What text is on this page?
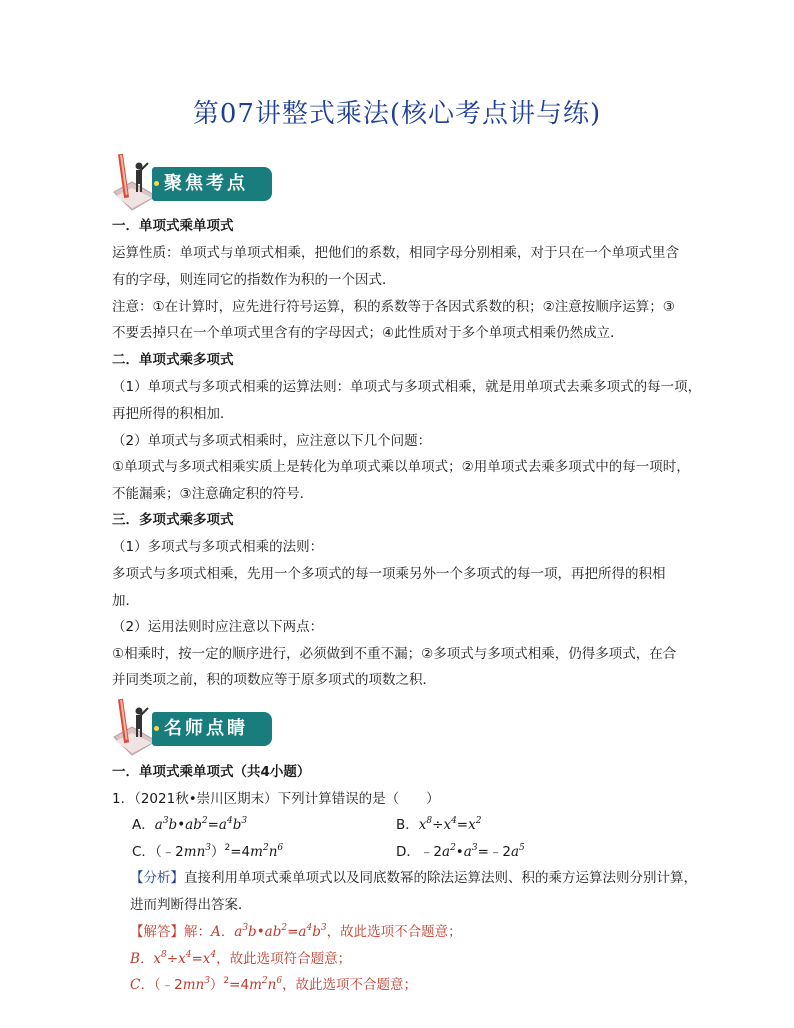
第07讲整式乘法(核心考点讲与练)
聚焦考点
一．单项式乘单项式
运算性质：单项式与单项式相乘，把他们的系数，相同字母分别相乘，对于只在一个单项式里含
有的字母，则连同它的指数作为积的一个因式．
注意：①在计算时，应先进行符号运算，积的系数等于各因式系数的积；②注意按顺序运算；③
不要丢掉只在一个单项式里含有的字母因式；④此性质对于多个单项式相乘仍然成立．
二．单项式乘多项式
（1）单项式与多项式相乘的运算法则：单项式与多项式相乘，就是用单项式去乘多项式的每一项，
再把所得的积相加．
（2）单项式与多项式相乘时，应注意以下几个问题：
①单项式与多项式相乘实质上是转化为单项式乘以单项式；②用单项式去乘多项式中的每一项时，
不能漏乘；③注意确定积的符号．
三．多项式乘多项式
（1）多项式与多项式相乘的法则：
多项式与多项式相乘，先用一个多项式的每一项乘另外一个多项式的每一项，再把所得的积相
加．
（2）运用法则时应注意以下两点：
①相乘时，按一定的顺序进行，必须做到不重不漏；②多项式与多项式相乘，仍得多项式，在合
并同类项之前，积的项数应等于原多项式的项数之积．
名师点睛
一．单项式乘单项式（共4小题）
1．（2021秋•崇川区期末）下列计算错误的是（　　）
A．$a^3b•ab^2=a^4b^3$	B．$x^8\div x^4=x^2$
C．$(﹣2mn^3)^2=4m^2n^6$	D．$﹣2a^2•a^3=﹣2a^5$
【分析】直接利用单项式乘单项式以及同底数幂的除法运算法则、积的乘方运算法则分别计算，
进而判断得出答案．
【解答】解：A．$a^3b•ab^2=a^4b^3$，故此选项不合题意；
B．$x^8\div x^4=x^4$，故此选项符合题意；
C．$(﹣2mn^3)^2=4m^2n^6$，故此选项不合题意；
